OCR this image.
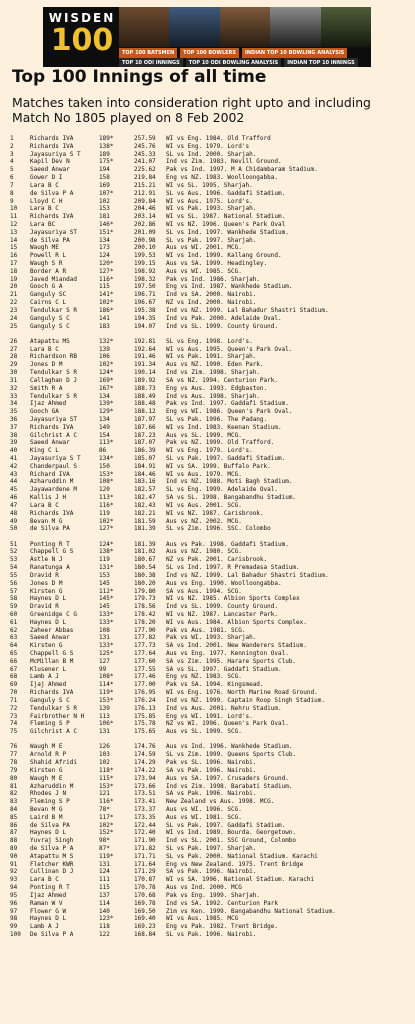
WISDEN
100	TOP 100 BATSMEN	TOP 100 BOWLERS	INDIAN TOP 10 BOWLING ANALYSIS
TOP 10 ODI INNINGS	TOP 10 ODI BOWLING ANALYSIS	INDIAN TOP 10 INNINGS
Top 100 Innings of all time

Matches taken into consideration right upto and including Match No 1805 played on 8 Feb 2002

1	Richards IVA	189*	257.59 WI vs Eng. 1984. Old Trafford
2	Richards IVA	138*	245.76 WI vs Eng. 1979. Lord's
3	Jayasuriya S T	189	245.33 SL vs Ind. 2000. Sharjah.
4	Kapil Dev N	175*	241.07 Ind vs Zim. 1983. Nevill Ground.
5	Saeed Anwar	194	225.62 Pak vs Ind. 1997. M A Chidambaram Stadium.
6	Gower D I	158	219.84 Eng vs NZ. 1983. Woolloongabba.
7	Lara B C	169	215.21 WI vs SL. 1995. Sharjah.
8	de Silva P A	107*	212.91 SL vs Aus. 1996. Gaddafi Stadium.
9	Lloyd C H	102	209.84 WI vs Aus. 1975. Lord's.
10 Lara B C	153	204.46 WI vs Pak. 1993. Sharjah.
11 Richards IVA	181	203.14 WI vs SL. 1987. National Stadium.
12 Lara BC	146*	202.86 WI vs NZ. 1996. Queen's Park Oval
13 Jayasuriya ST	151*	201.09 SL vs Ind. 1997. Wankhede Stadium.
14 de Silva PA	134	200.98 SL vs Pak. 1997. Sharjah.
15 Waugh ME	173	200.10 Aus vs WI. 2001. MCG.
16 Powell R L	124	199.53 WI vs Ind. 1999. Kallang Ground.
17 Waugh S R	120*	199.15 Aus vs SA. 1999. Headingley.
18 Border A R	127*	198.92 Aus vs WI. 1985. SCG.
19 Javed Miandad	116*	198.32 Pak vs Ind. 1986. Sharjah.
20 Gooch G A	115	197.50 Eng vs Ind. 1987. Wankhede Stadium.
21 Ganguly SC	141*	196.71 Ind vs SA. 2000. Nairobi.
22 Cairns C L	102*	196.67 NZ vs Ind. 2000. Nairobi.
23 Tendulkar S R	186*	195.38 Ind vs NZ. 1999. Lal Bahadur Shastri Stadium.
24 Ganguly S C	141	194.35 Ind vs Pak. 2000. Adelaide Oval.
25 Ganguly S C	183	194.07 Ind vs SL. 1999. County Ground.
26 Atapattu MS	132*	192.81 SL vs Eng. 1998. Lord's.
27 Lara B C	139	192.64 WI vs Aus. 1995. Queen's Park Oval.
28 Richardson RB	106	191.46 WI vs Pak. 1991. Sharjah.
29 Jones D M	102*	191.34 Aus vs NZ. 1990. Eden Park.
30 Tendulkar S R	124*	190.14 Ind vs Zim. 1998. Sharjah.
31 Callaghan D J	169*	189.92 SA vs NZ. 1994. Centurion Park.
32 Smith R A	167*	188.73 Eng vs Aus. 1993. Edgbaston.
33 Tendulkar S R	134	188.49 Ind vs Aus. 1998. Sharjah.
34 Ijaz Ahmed	139*	188.48 Pak vs Ind. 1997. Gaddafi Stadium.
35 Gooch GA	129*	188.12 Eng vs WI. 1986. Queen's Park Oval.
36 Jayasuriya ST	134	187.97 SL vs Pak. 1996. The Padang.
37 Richards IVA	149	187.66 WI vs Ind. 1983. Keenan Stadium.
38 Gilchrist A C	154	187.23 Aus vs SL. 1999. MCG.
39 Saeed Anwar	113*	187.07 Pak vs NZ. 1999. Old Trafford.
40 King C L	86	186.39 WI vs Eng. 1979. Lord's.
41 Jayasuriya S T	134*	185.07 SL vs Pak. 1997. Gaddafi Stadium.
42 Chanderpaul S	150	184.91 WI vs SA. 1999. Buffalo Park.
43 Richard IVA	153*	184.46 WI vs Aus. 1979. MCG.
44 Azharuddin M	108*	183.16 Ind vs NZ. 1988. Moti Bagh Stadium.
45 Jayawardene M	120	182.57 SL vs Eng. 1999. Adelaide Oval.
46 Kallis J H	113*	182.47 SA vs SL. 1998. Bangabandhu Stadium.
47 Lara B C	116*	182.43 WI vs Aus. 2001. SCG.
48 Richards IVA	119	182.21 WI vs NZ. 1987. Carisbrook.
49 Bevan M G	102*	181.59 Aus vs NZ. 2002. MCG.
50 de Silva PA	127*	181.39 SL vs Zim. 1996. SSC. Colombo
51 Ponting R T	124*	181.39 Aus vs Pak. 1998. Gaddafi Stadium.
52 Chappell G S	138*	181.02 Aus vs NZ. 1980. SCG.
53 Astle N J	119	180.67 NZ vs Pak. 2001. Carisbrook.
54 Ranatunga A	131*	180.54 SL vs Ind. 1997. R Premadasa Stadium.
55 Dravid R	153	180.38 Ind vs NZ. 1999. Lal Bahadur Shastri Stadium.
56 Jones D M	145	180.20 Aus vs Eng. 1990. Woolloongabba.
57 Kirsten G	112*	179.80 SA vs Aus. 1994. SCG.
58 Haynes D L	145*	179.73 WI vs NZ. 1985. Albion Sports Complex
59 Dravid R	145	178.56 Ind vs SL. 1999. County Ground.
60 Greenidge C G	133*	178.42 WI vs NZ. 1987. Lancaster Park.
61 Haynes D L	133*	178.20 WI vs Aus. 1984. Albion Sports Complex.
62 Zaheer Abbas	108	177.90 Pak vs Aus. 1981. SCG.
63 Saeed Anwar	131	177.82 Pak vs WI. 1993. Sharjah.
64 Kirsten G	133*	177.73 SA vs Ind. 2001. New Wanderers Stadium.
65 Chappell G S	125*	177.64 Aus vs Eng. 1977. Kennington Oval.
66 McMillan B M	127	177.60 SA vs Zim. 1995. Harare Sports Club.
67 Klusener L	99	177.55 SA vs SL. 1997. Gaddafi Stadium.
68 Lamb A J	108*	177.46 Eng vs NZ. 1983. SCG.
69 Ijaj Ahmed	114*	177.00 Pak vs SA. 1994. Kingsmead.
70 Richards IVA	119*	176.95 WI vs Eng. 1976. North Marine Road Ground.
71 Ganguly S C	153*	176.24 Ind vs NZ. 1999. Captain Roop Singh Stadium.
72 Tendulkar S R	139	176.13 Ind vs Aus. 2001. Nehru Stadium.
73 Fairbrother N H 113	175.85 Eng vs WI. 1991. Lord's.
74 Fleming S P	106*	175.78 NZ vs WI. 1996. Queen's Park Oval.
75 Gilchrist A C	131	175.65 Aus vs SL. 1999. SCG.
76 Waugh M E	126	174.76 Aus vs Ind. 1996. Wankhede Stadium.
77 Arnold R P	103	174.59 SL vs Zim. 1999. Queens Sports Club.
78 Shahid Afridi	102	174.29 Pak vs SL. 1996. Nairobi.
79 Kirsten G	118*	174.22 SA vs Pak. 1996. Nairobi.
80 Waugh M E	115*	173.94 Aus vs SA. 1997. Crusaders Ground.
81 Azharuddin M	153*	173.66 Ind vs Zim. 1998. Barabati Stadium.
82 Rhodes J N	121	173.51 SA vs Pak. 1996. Nairobi.
83 Fleming S P	116*	173.41 New Zealand vs Aus. 1998. MCG.
84 Bevan M G	78*	173.37 Aus vs WI. 1996. SCG.
85 Laird B M	117*	173.35 Aus vs WI. 1981. SCG.
86 de Silva PA	102*	172.44 SL vs Pak. 1997. Gaddafi Stadium.
87 Haynes D L	152*	172.40 WI vs Ind. 1989. Bourda. Georgetown.
88 Yuvraj Singh	98*	171.90 Ind vs SL. 2001. SSC Ground, Colombo
89 de Silva P A	87*	171.82 SL vs Pak. 1997. Sharjah.
90 Atapattu M S	119*	171.71 SL vs Pak. 2000. National Stadium. Karachi
91 Fletcher KWR	131	171.64 Eng vs New Zealand. 1975. Trent Bridge
92 Cullinan D J	124	171.29 SA vs Pak. 1996. Nairobi.
93 Lara B C	111	170.87 WI vs SA. 1996. National Stadium. Karachi
94 Ponting R T	115	170.78 Aus vs Ind. 2000. MCG
95 Ijaz Ahmed	137	170.68 Pak vs Eng. 1999. Sharjah.
96 Raman W V	114	169.78 Ind vs SA. 1992. Centurion Park
97 Flower G W	140	169.50 Zim vs Ken. 1999. Bangabandhu National Stadium.
98 Haynes D L	123*	169.40 WI vs Aus. 1985. MCG
99 Lamb A J	118	169.23 Eng vs Pak. 1982. Trent Bridge.
100 De Silva P A	122	168.84 SL vs Pak. 1996. Nairobi.
